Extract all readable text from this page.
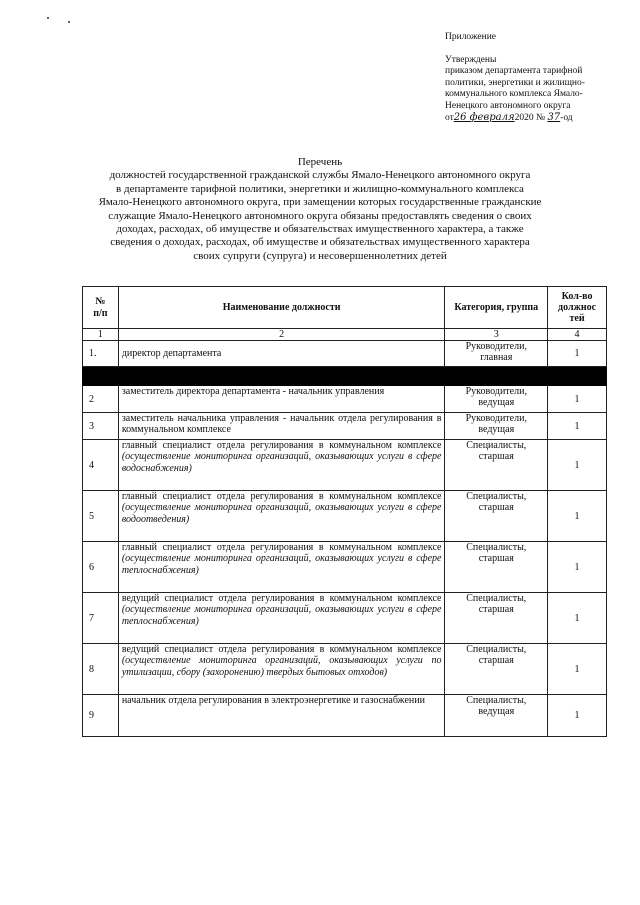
Приложение
Утверждены
приказом департамента тарифной
политики, энергетики и жилищно-
коммунального комплекса Ямало-
Ненецкого автономного округа
от26 февраля2020 № 37-од
Перечень
должностей государственной гражданской службы Ямало-Ненецкого автономного округа
в департаменте тарифной политики, энергетики и жилищно-коммунального комплекса
Ямало-Ненецкого автономного округа, при замещении которых государственные гражданские
служащие Ямало-Ненецкого автономного округа обязаны предоставлять сведения о своих
доходах, расходах, об имуществе и обязательствах имущественного характера, а также
сведения о доходах, расходах, об имуществе и обязательствах имущественного характера
своих супруги (супруга) и несовершеннолетних детей
№
п/п	Наименование должности	Категория, группа	Кол-во
должнос
тей
1	2	3	4
1.	директор департамента	Руководители, главная	1

2	заместитель директора департамента - начальник управления	Руководители, ведущая	1
3	заместитель начальника управления - начальник отдела регулирования в коммунальном комплексе	Руководители, ведущая	1
4	главный специалист отдела регулирования в коммунальном комплексе (осуществление мониторинга организаций, оказывающих услуги в сфере водоснабжения)	Специалисты, старшая	1
5	главный специалист отдела регулирования в коммунальном комплексе (осуществление мониторинга организаций, оказывающих услуги в сфере водоотведения)	Специалисты, старшая	1
6	главный специалист отдела регулирования в коммунальном комплексе (осуществление мониторинга организаций, оказывающих услуги в сфере теплоснабжения)	Специалисты, старшая	1
7	ведущий специалист отдела регулирования в коммунальном комплексе (осуществление мониторинга организаций, оказывающих услуги в сфере теплоснабжения)	Специалисты, старшая	1
8	ведущий специалист отдела регулирования в коммунальном комплексе (осуществление мониторинга организаций, оказывающих услуги по утилизации, сбору (захоронению) твердых бытовых отходов)	Специалисты, старшая	1
9	начальник отдела регулирования в электроэнергетике и газоснабжении	Специалисты, ведущая	1
